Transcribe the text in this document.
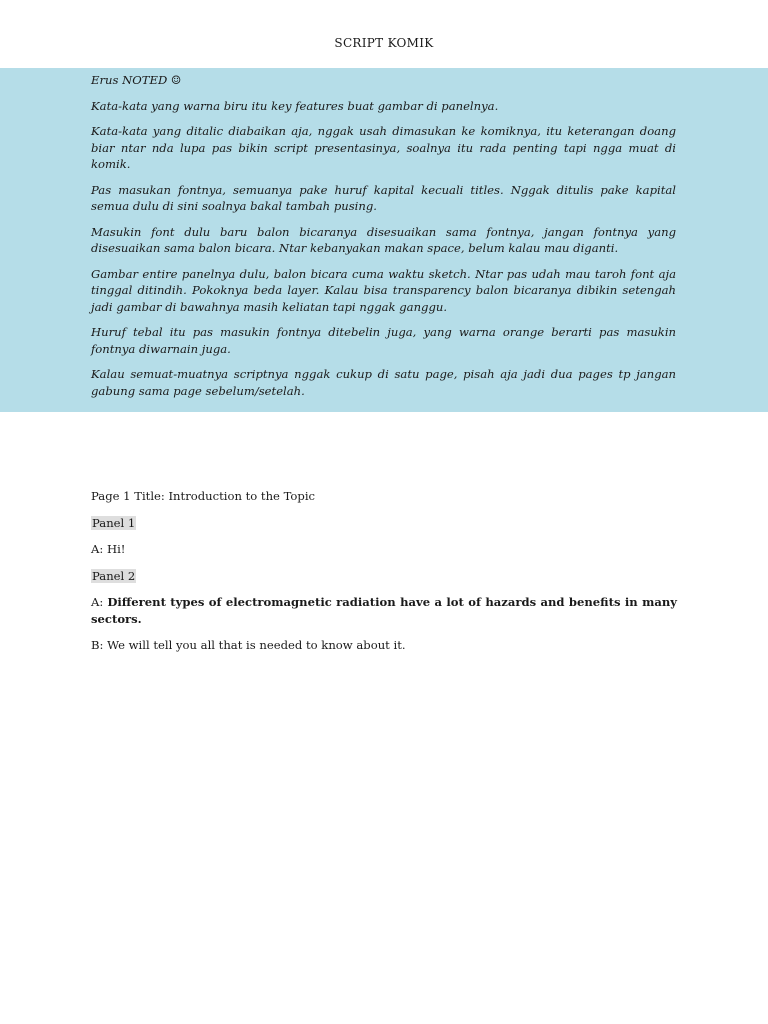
SCRIPT KOMIK

Erus NOTED ☺

Kata-kata yang warna biru itu key features buat gambar di panelnya.

Kata-kata yang ditalic diabaikan aja, nggak usah dimasukan ke komiknya, itu keterangan doang biar ntar nda lupa pas bikin script presentasinya, soalnya itu rada penting tapi ngga muat di komik.

Pas masukan fontnya, semuanya pake huruf kapital kecuali titles. Nggak ditulis pake kapital semua dulu di sini soalnya bakal tambah pusing.

Masukin font dulu baru balon bicaranya disesuaikan sama fontnya, jangan fontnya yang disesuaikan sama balon bicara. Ntar kebanyakan makan space, belum kalau mau diganti.

Gambar entire panelnya dulu, balon bicara cuma waktu sketch. Ntar pas udah mau taroh font aja tinggal ditindih. Pokoknya beda layer. Kalau bisa transparency balon bicaranya dibikin setengah jadi gambar di bawahnya masih keliatan tapi nggak ganggu.

Huruf tebal itu pas masukin fontnya ditebelin juga, yang warna orange berarti pas masukin fontnya diwarnain juga.

Kalau semuat-muatnya scriptnya nggak cukup di satu page, pisah aja jadi dua pages tp jangan gabung sama page sebelum/setelah.

Page 1 Title: Introduction to the Topic

Panel 1

A: Hi!

Panel 2

A: Different types of electromagnetic radiation have a lot of hazards and benefits in many sectors.

B: We will tell you all that is needed to know about it.
